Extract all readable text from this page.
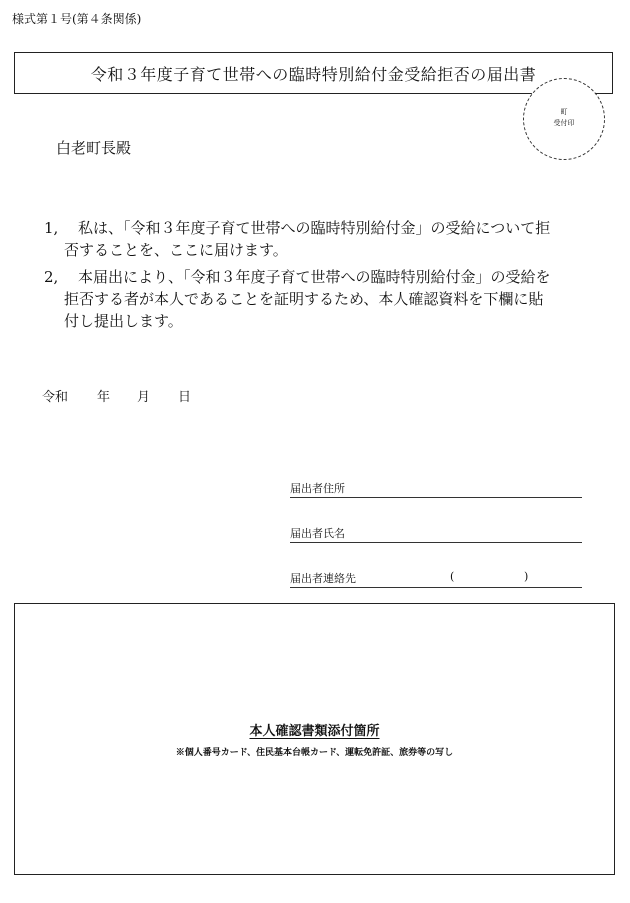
様式第１号(第４条関係)
令和３年度子育て世帯への臨時特別給付金受給拒否の届出書
町
受付印
白老町長殿
1, 私は、「令和３年度子育て世帯への臨時特別給付金」の受給について拒
否することを、ここに届けます。
2, 本届出により、「令和３年度子育て世帯への臨時特別給付金」の受給を
拒否する者が本人であることを証明するため、本人確認資料を下欄に貼
付し提出します。
令和 年 月 日
届出者住所
届出者氏名
届出者連絡先	(	)
本人確認書類添付箇所
※個人番号カード、住民基本台帳カード、運転免許証、旅券等の写し
